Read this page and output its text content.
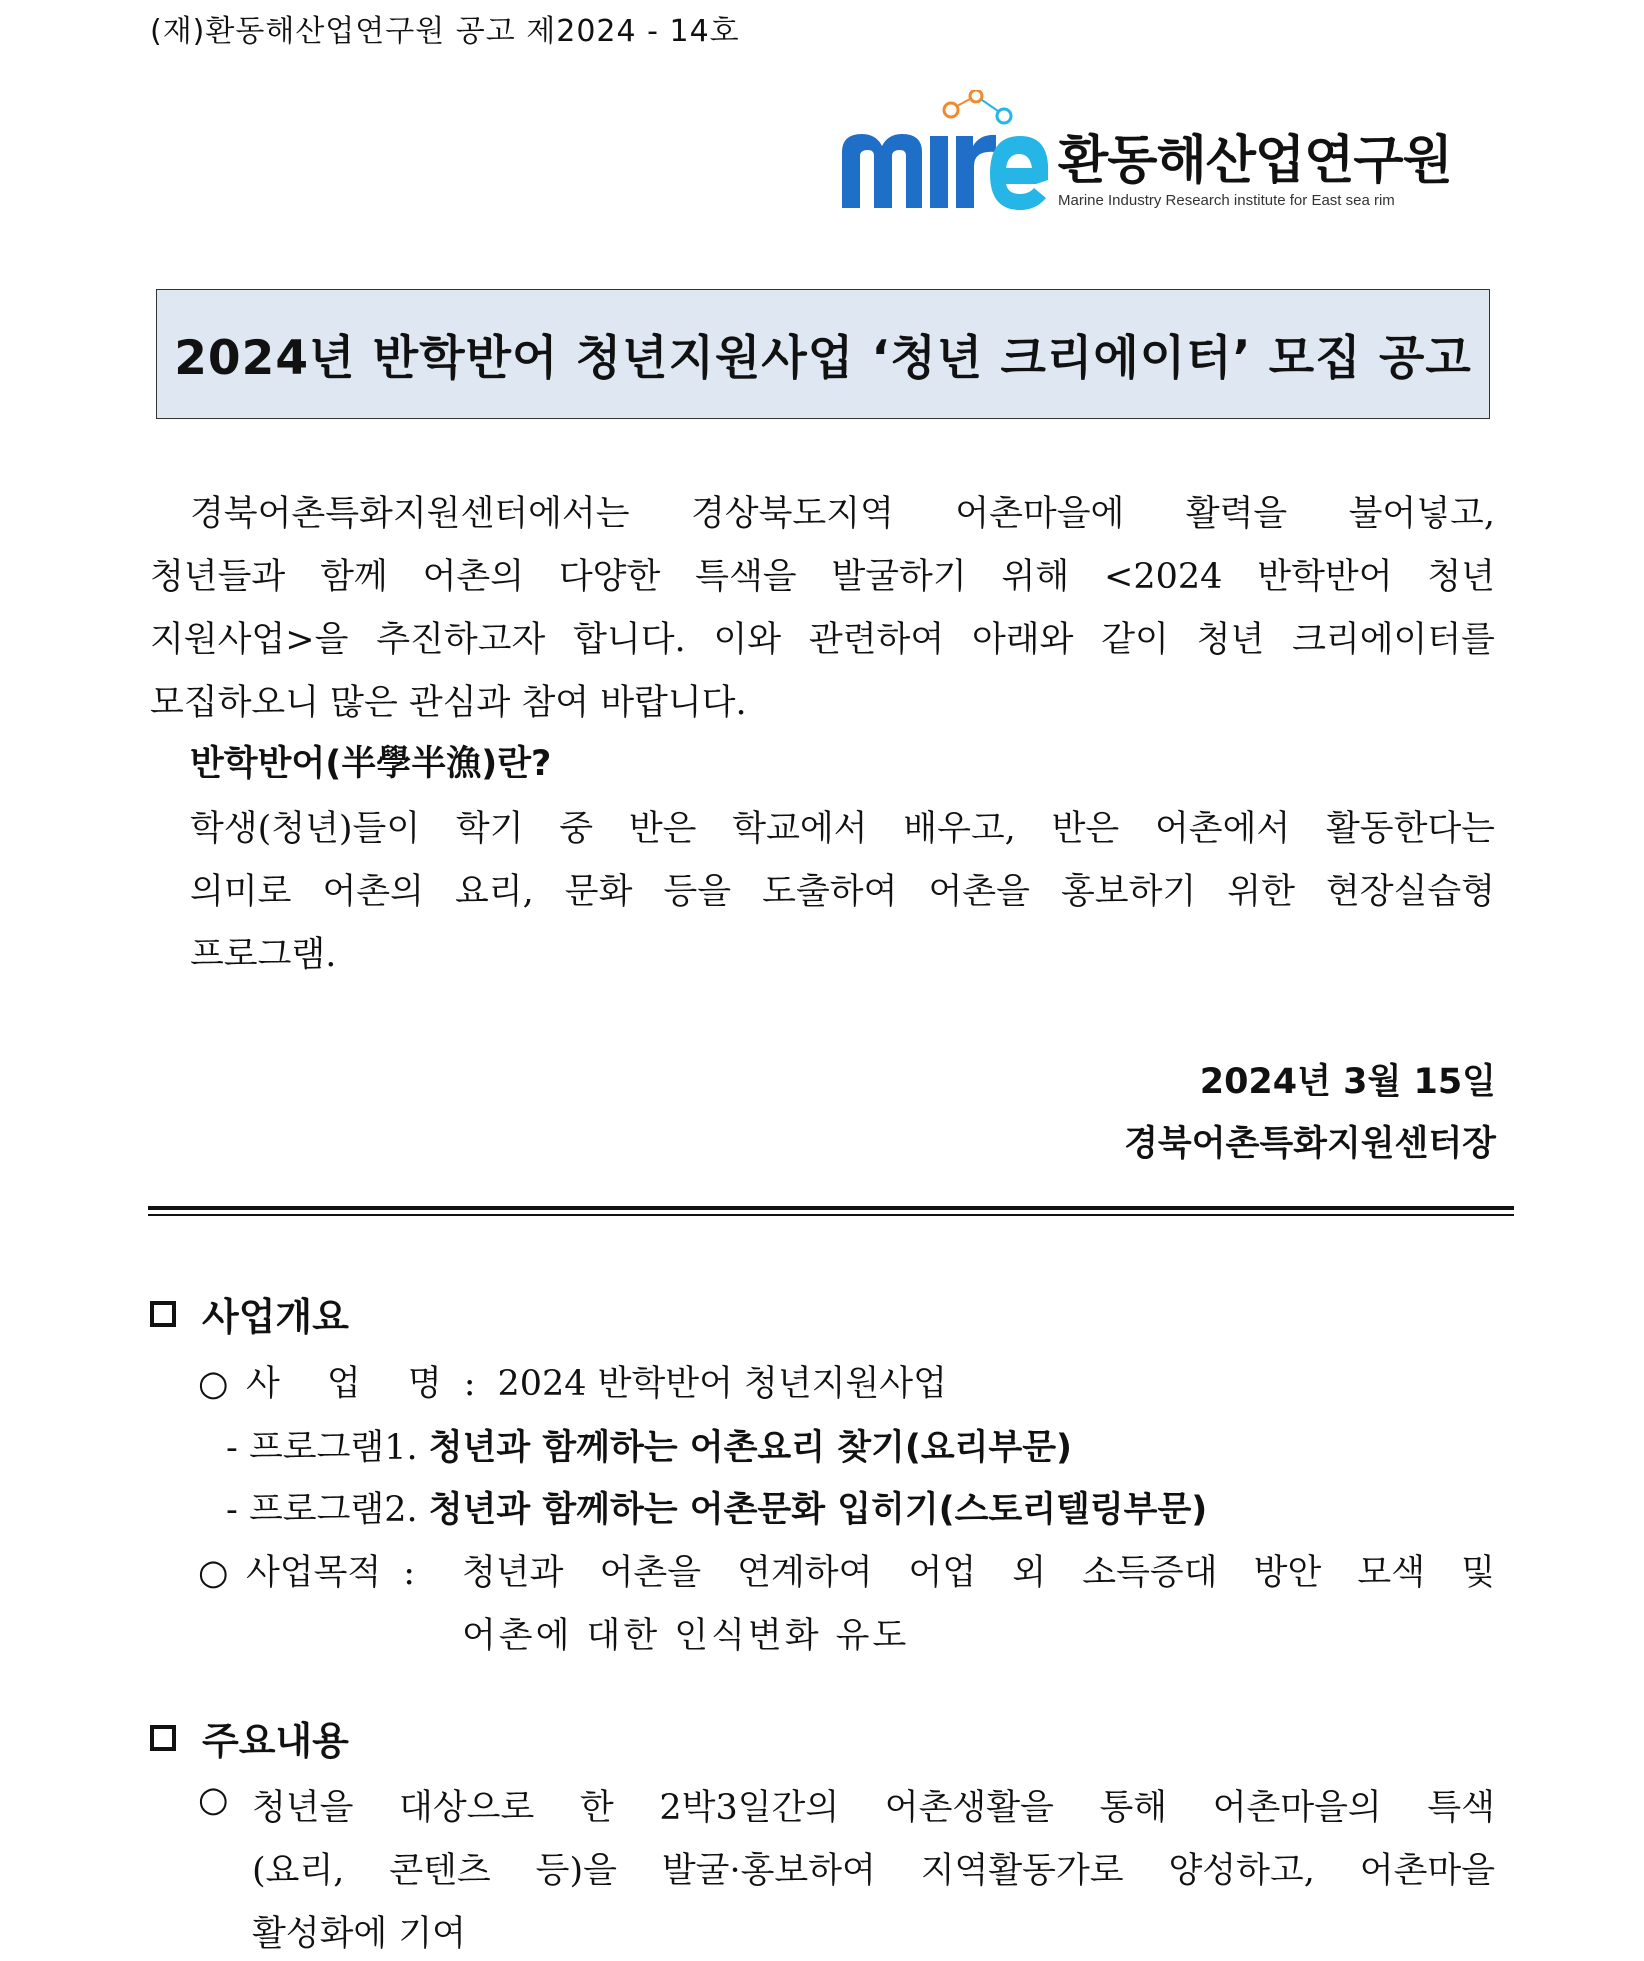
(재)환동해산업연구원 공고 제2024 - 14호
환동해산업연구원
Marine Industry Research institute for East sea rim
2024년 반학반어 청년지원사업 ‘청년 크리에이터’ 모집 공고
경북어촌특화지원센터에서는 경상북도지역 어촌마을에 활력을 불어넣고,
청년들과 함께 어촌의 다양한 특색을 발굴하기 위해 <2024 반학반어 청년
지원사업>을 추진하고자 합니다. 이와 관련하여 아래와 같이 청년 크리에이터를
모집하오니 많은 관심과 참여 바랍니다.
반학반어(半學半漁)란?
학생(청년)들이 학기 중 반은 학교에서 배우고, 반은 어촌에서 활동한다는
의미로 어촌의 요리, 문화 등을 도출하여 어촌을 홍보하기 위한 현장실습형
프로그램.
2024년 3월 15일
경북어촌특화지원센터장
사업개요
○ 사 업 명 : 2024 반학반어 청년지원사업
- 프로그램1. 청년과 함께하는 어촌요리 찾기(요리부문)
- 프로그램2. 청년과 함께하는 어촌문화 입히기(스토리텔링부문)
○ 사업목적 :	청년과 어촌을 연계하여 어업 외 소득증대 방안 모색 및
어촌에 대한 인식변화 유도
주요내용
○ 청년을 대상으로 한 2박3일간의 어촌생활을 통해 어촌마을의 특색
(요리, 콘텐츠 등)을 발굴·홍보하여 지역활동가로 양성하고, 어촌마을
활성화에 기여
